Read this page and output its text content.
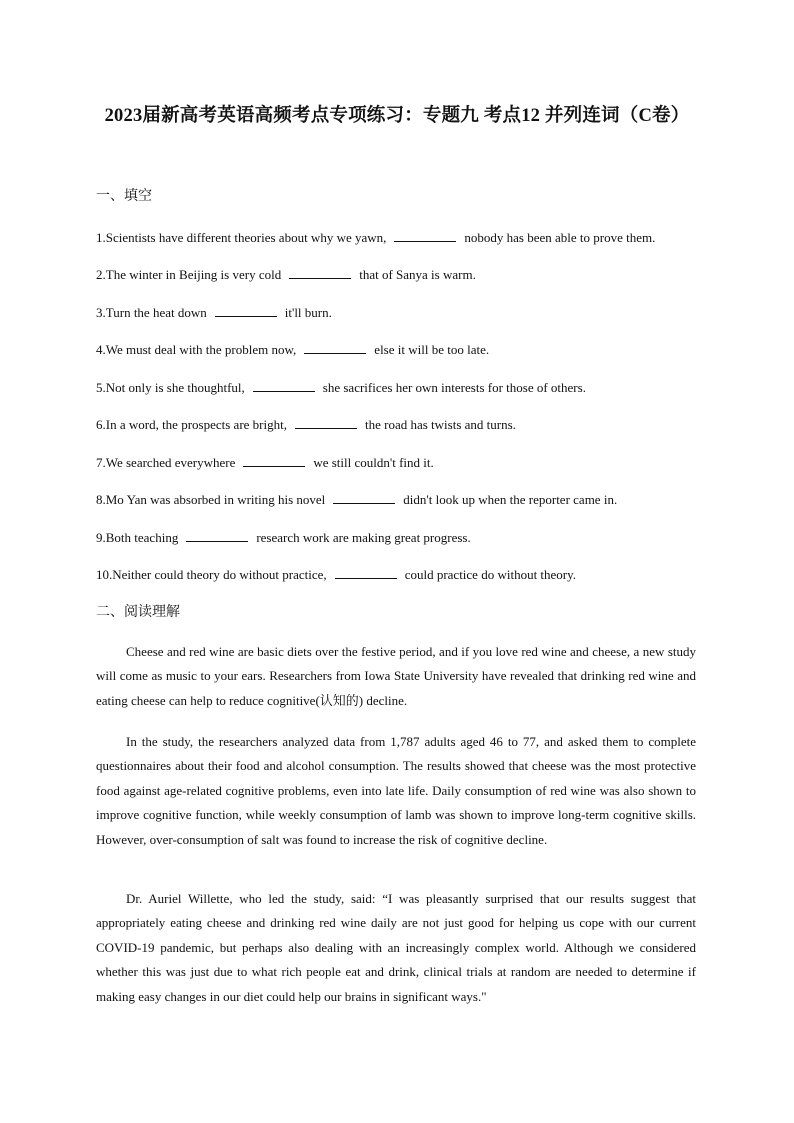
2023届新高考英语高频考点专项练习：专题九 考点12 并列连词（C卷）
一、填空
1.Scientists have different theories about why we yawn,	nobody has been able to prove them.
2.The winter in Beijing is very cold	that of Sanya is warm.
3.Turn the heat down	it'll burn.
4.We must deal with the problem now,	else it will be too late.
5.Not only is she thoughtful,	she sacrifices her own interests for those of others.
6.In a word, the prospects are bright,	the road has twists and turns.
7.We searched everywhere	we still couldn't find it.
8.Mo Yan was absorbed in writing his novel	didn't look up when the reporter came in.
9.Both teaching	research work are making great progress.
10.Neither could theory do without practice,	could practice do without theory.
二、阅读理解

Cheese and red wine are basic diets over the festive period, and if you love red wine and cheese, a new study will come as music to your ears. Researchers from Iowa State University have revealed that drinking red wine and eating cheese can help to reduce cognitive(认知的) decline.

In the study, the researchers analyzed data from 1,787 adults aged 46 to 77, and asked them to complete questionnaires about their food and alcohol consumption. The results showed that cheese was the most protective food against age-related cognitive problems, even into late life. Daily consumption of red wine was also shown to improve cognitive function, while weekly consumption of lamb was shown to improve long-term cognitive skills. However, over-consumption of salt was found to increase the risk of cognitive decline.

Dr. Auriel Willette, who led the study, said: “I was pleasantly surprised that our results suggest that appropriately eating cheese and drinking red wine daily are not just good for helping us cope with our current COVID-19 pandemic, but perhaps also dealing with an increasingly complex world. Although we considered whether this was just due to what rich people eat and drink, clinical trials at random are needed to determine if making easy changes in our diet could help our brains in significant ways."
